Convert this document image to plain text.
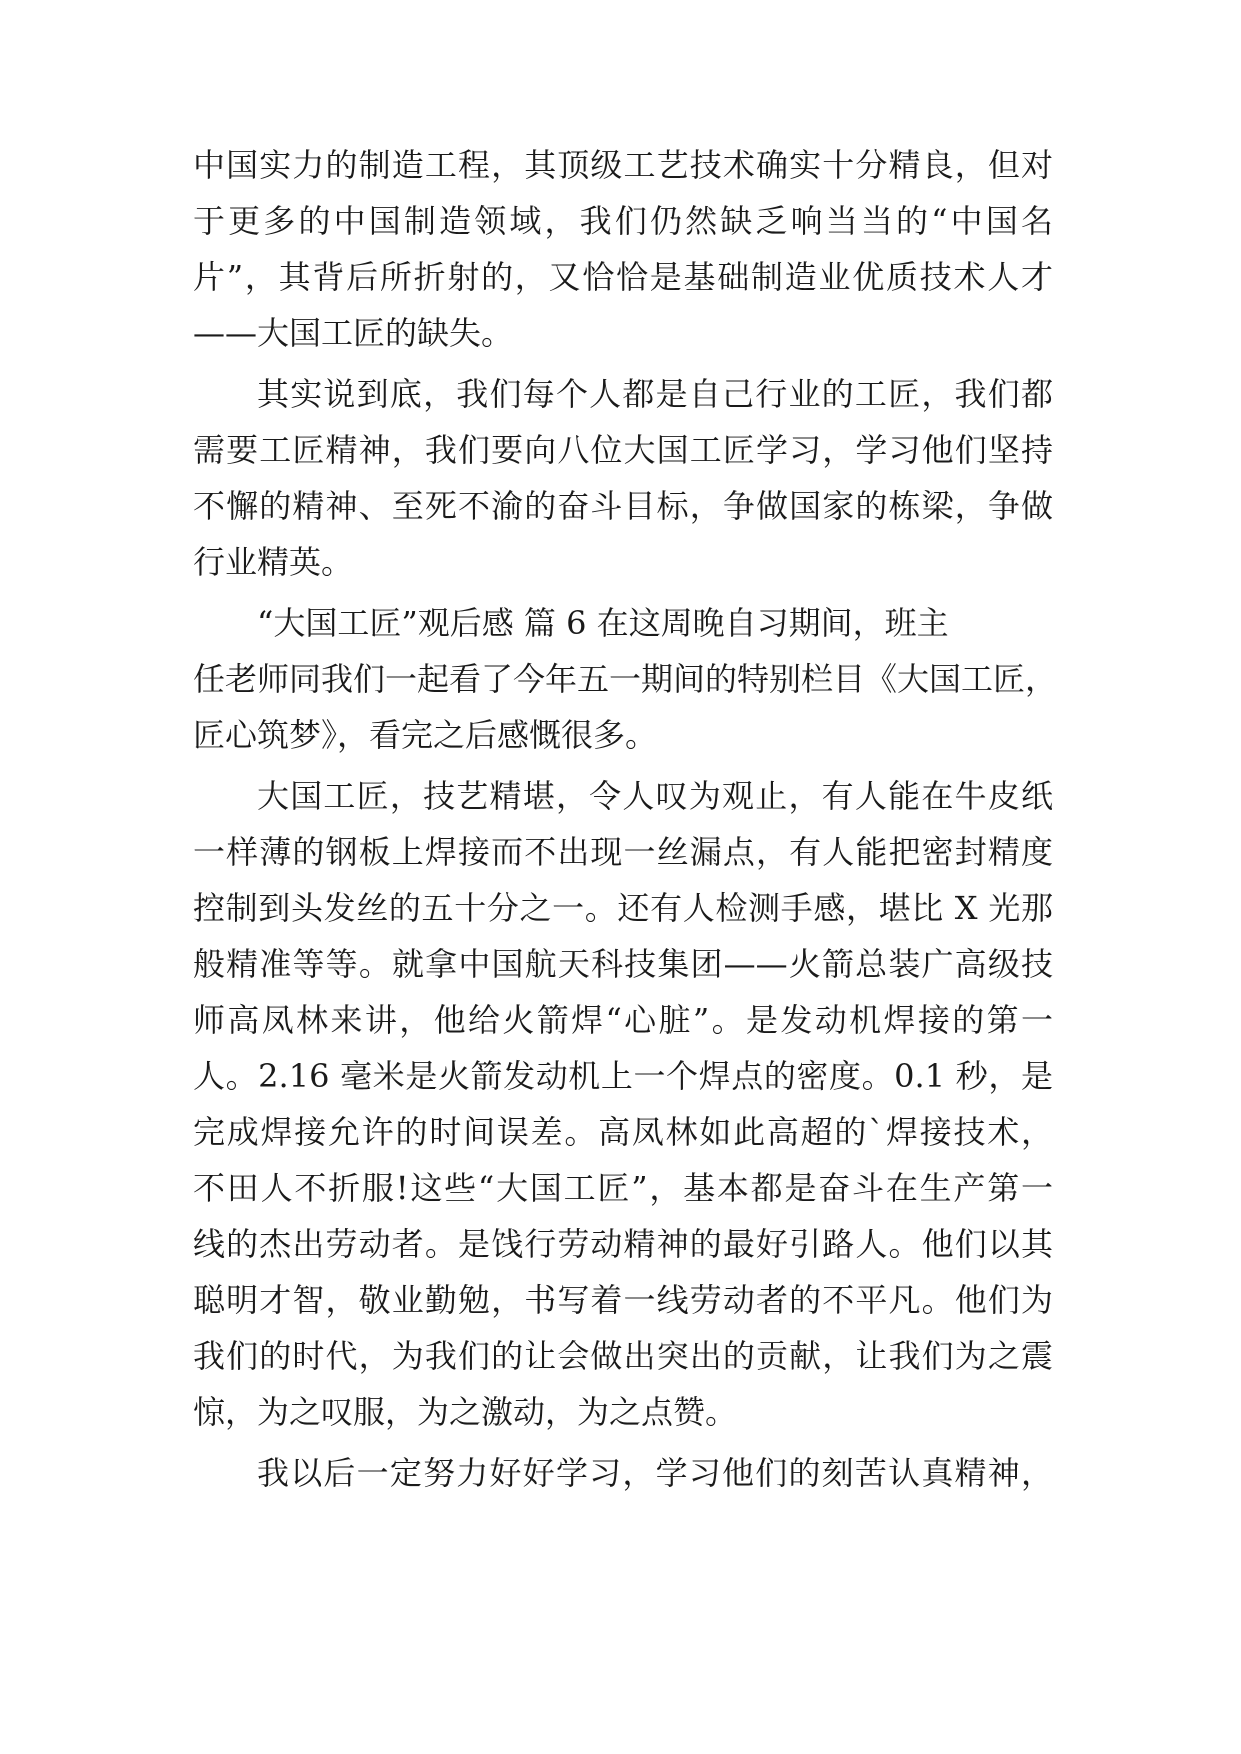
中国实力的制造工程，其顶级工艺技术确实十分精良，但对
于更多的中国制造领域，我们仍然缺乏响当当的“中国名
片”，其背后所折射的，又恰恰是基础制造业优质技术人才
——大国工匠的缺失。
其实说到底，我们每个人都是自己行业的工匠，我们都
需要工匠精神，我们要向八位大国工匠学习，学习他们坚持
不懈的精神、至死不渝的奋斗目标，争做国家的栋梁，争做
行业精英。
“大国工匠”观后感 篇 6 在这周晚自习期间，班主
任老师同我们一起看了今年五一期间的特别栏目《大国工匠，
匠心筑梦》，看完之后感慨很多。
大国工匠，技艺精堪，令人叹为观止，有人能在牛皮纸
一样薄的钢板上焊接而不出现一丝漏点，有人能把密封精度
控制到头发丝的五十分之一。还有人检测手感，堪比 X 光那
般精准等等。就拿中国航天科技集团——火箭总装广高级技
师高凤林来讲，他给火箭焊“心脏”。是发动机焊接的第一
人。2.16 毫米是火箭发动机上一个焊点的密度。0.1 秒，是
完成焊接允许的时间误差。高凤林如此高超的`焊接技术，
不田人不折服!这些“大国工匠”，基本都是奋斗在生产第一
线的杰出劳动者。是饯行劳动精神的最好引路人。他们以其
聪明才智，敬业勤勉，书写着一线劳动者的不平凡。他们为
我们的时代，为我们的让会做出突出的贡献，让我们为之震
惊，为之叹服，为之激动，为之点赞。
我以后一定努力好好学习，学习他们的刻苦认真精神，
